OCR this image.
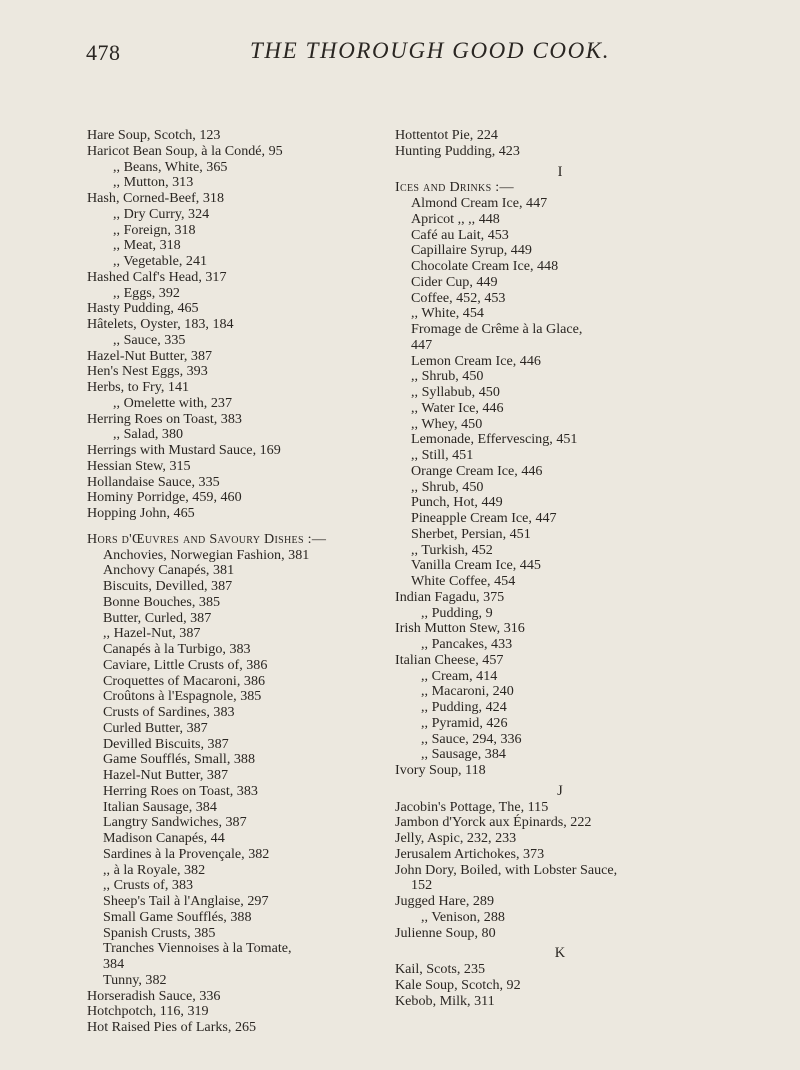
478	THE THOROUGH GOOD COOK.
Hare Soup, Scotch, 123
Haricot Bean Soup, à la Condé, 95
,, Beans, White, 365
,, Mutton, 313
Hash, Corned-Beef, 318
,, Dry Curry, 324
,, Foreign, 318
,, Meat, 318
,, Vegetable, 241
Hashed Calf's Head, 317
,, Eggs, 392
Hasty Pudding, 465
Hâtelets, Oyster, 183, 184
,, Sauce, 335
Hazel-Nut Butter, 387
Hen's Nest Eggs, 393
Herbs, to Fry, 141
,, Omelette with, 237
Herring Roes on Toast, 383
,, Salad, 380
Herrings with Mustard Sauce, 169
Hessian Stew, 315
Hollandaise Sauce, 335
Hominy Porridge, 459, 460
Hopping John, 465
Hors d'Œuvres and Savoury Dishes :—
Anchovies, Norwegian Fashion, 381
Anchovy Canapés, 381
Biscuits, Devilled, 387
Bonne Bouches, 385
Butter, Curled, 387
,, Hazel-Nut, 387
Canapés à la Turbigo, 383
Caviare, Little Crusts of, 386
Croquettes of Macaroni, 386
Croûtons à l'Espagnole, 385
Crusts of Sardines, 383
Curled Butter, 387
Devilled Biscuits, 387
Game Soufflés, Small, 388
Hazel-Nut Butter, 387
Herring Roes on Toast, 383
Italian Sausage, 384
Langtry Sandwiches, 387
Madison Canapés, 44
Sardines à la Provençale, 382
,, à la Royale, 382
,, Crusts of, 383
Sheep's Tail à l'Anglaise, 297
Small Game Soufflés, 388
Spanish Crusts, 385
Tranches Viennoises à la Tomate,
384
Tunny, 382
Horseradish Sauce, 336
Hotchpotch, 116, 319
Hot Raised Pies of Larks, 265
Hottentot Pie, 224
Hunting Pudding, 423
I
Ices and Drinks :—
Almond Cream Ice, 447
Apricot ,, ,, 448
Café au Lait, 453
Capillaire Syrup, 449
Chocolate Cream Ice, 448
Cider Cup, 449
Coffee, 452, 453
,, White, 454
Fromage de Crême à la Glace,
447
Lemon Cream Ice, 446
,, Shrub, 450
,, Syllabub, 450
,, Water Ice, 446
,, Whey, 450
Lemonade, Effervescing, 451
,, Still, 451
Orange Cream Ice, 446
,, Shrub, 450
Punch, Hot, 449
Pineapple Cream Ice, 447
Sherbet, Persian, 451
,, Turkish, 452
Vanilla Cream Ice, 445
White Coffee, 454
Indian Fagadu, 375
,, Pudding, 9
Irish Mutton Stew, 316
,, Pancakes, 433
Italian Cheese, 457
,, Cream, 414
,, Macaroni, 240
,, Pudding, 424
,, Pyramid, 426
,, Sauce, 294, 336
,, Sausage, 384
Ivory Soup, 118
J
Jacobin's Pottage, The, 115
Jambon d'Yorck aux Épinards, 222
Jelly, Aspic, 232, 233
Jerusalem Artichokes, 373
John Dory, Boiled, with Lobster Sauce,
152
Jugged Hare, 289
,, Venison, 288
Julienne Soup, 80
K
Kail, Scots, 235
Kale Soup, Scotch, 92
Kebob, Milk, 311
